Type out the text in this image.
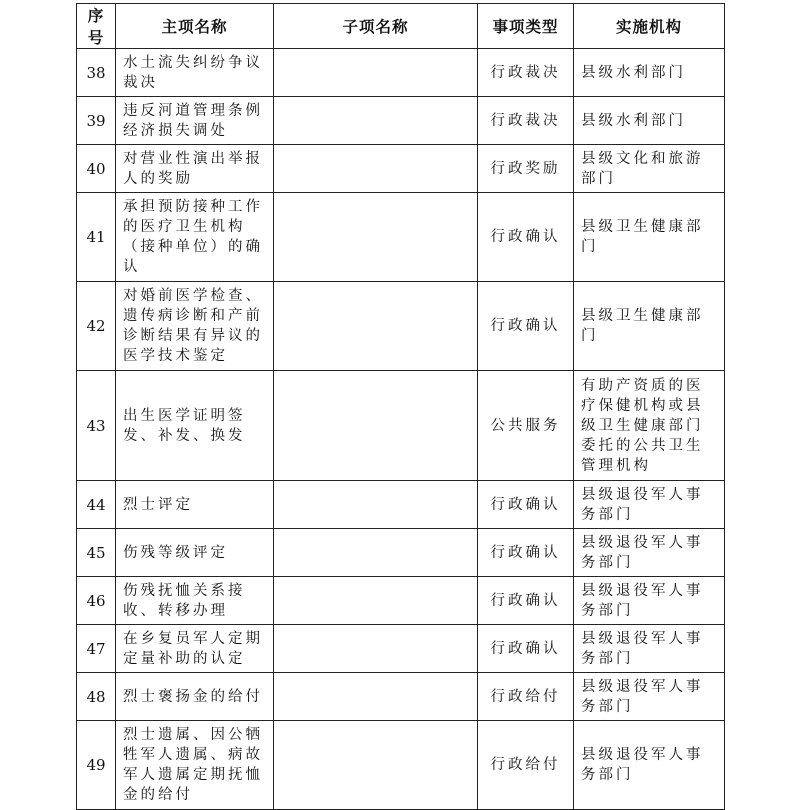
序号	主项名称	子项名称	事项类型	实施机构
38	水土流失纠纷争议裁决		行政裁决	县级水利部门
39	违反河道管理条例经济损失调处		行政裁决	县级水利部门
40	对营业性演出举报人的奖励		行政奖励	县级文化和旅游部门
41	承担预防接种工作的医疗卫生机构（接种单位）的确认		行政确认	县级卫生健康部门
42	对婚前医学检查、遗传病诊断和产前诊断结果有异议的医学技术鉴定		行政确认	县级卫生健康部门
43	出生医学证明签发、补发、换发		公共服务	有助产资质的医疗保健机构或县级卫生健康部门委托的公共卫生管理机构
44	烈士评定		行政确认	县级退役军人事务部门
45	伤残等级评定		行政确认	县级退役军人事务部门
46	伤残抚恤关系接收、转移办理		行政确认	县级退役军人事务部门
47	在乡复员军人定期定量补助的认定		行政确认	县级退役军人事务部门
48	烈士褒扬金的给付		行政给付	县级退役军人事务部门
49	烈士遗属、因公牺牲军人遗属、病故军人遗属定期抚恤金的给付		行政给付	县级退役军人事务部门
